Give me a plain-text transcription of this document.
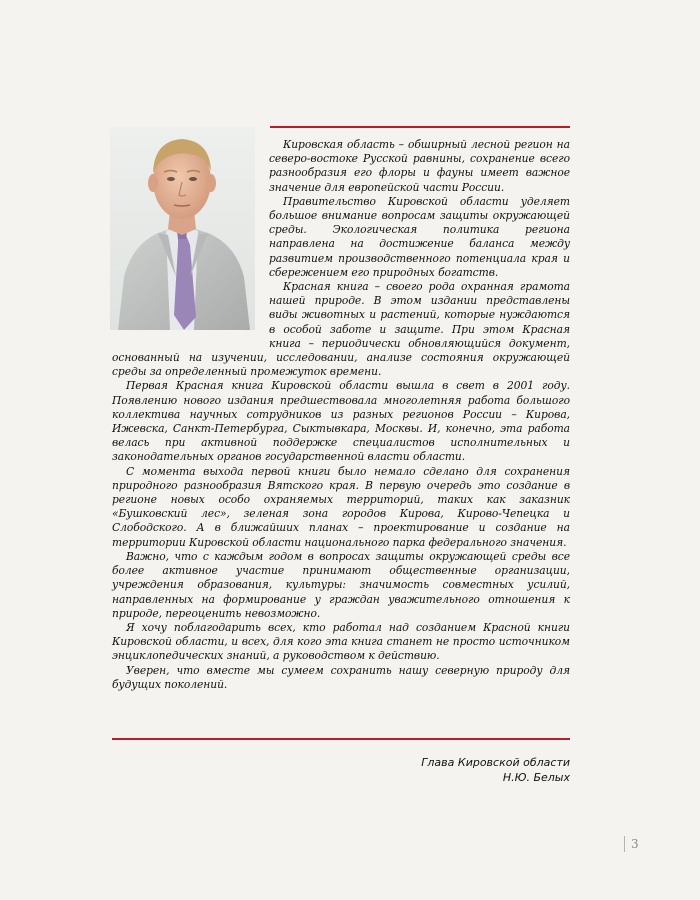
Кировская область – обширный лесной регион на северо-востоке Русской равнины, сохранение всего разнообразия его флоры и фауны имеет важное значение для европейской части России.

Правительство Кировской области уделяет большое внимание вопросам защиты окружающей среды. Экологическая политика региона направлена на достижение баланса между развитием производственного потенциала края и сбережением его природных богатств.

Красная книга – своего рода охранная грамота нашей природе. В этом издании представлены виды животных и растений, которые нуждаются в особой заботе и защите. При этом Красная книга – периодически обновляющийся документ, основанный на изучении, исследовании, анализе состояния окружающей среды за определенный промежуток времени.

Первая Красная книга Кировской области вышла в свет в 2001 году. Появлению нового издания предшествовала многолетняя работа большого коллектива научных сотрудников из разных регионов России – Кирова, Ижевска, Санкт-Петербурга, Сыктывкара, Москвы. И, конечно, эта работа велась при активной поддержке специалистов исполнительных и законодательных органов государственной власти области.

С момента выхода первой книги было немало сделано для сохранения природного разнообразия Вятского края. В первую очередь это создание в регионе новых особо охраняемых территорий, таких как заказник «Бушковский лес», зеленая зона городов Кирова, Кирово-Чепецка и Слободского. А в ближайших планах – проектирование и создание на территории Кировской области национального парка федерального значения.

Важно, что с каждым годом в вопросах защиты окружающей среды все более активное участие принимают общественные организации, учреждения образования, культуры: значимость совместных усилий, направленных на формирование у граждан уважительного отношения к природе, переоценить невозможно.

Я хочу поблагодарить всех, кто работал над созданием Красной книги Кировской области, и всех, для кого эта книга станет не просто источником энциклопедических знаний, а руководством к действию.

Уверен, что вместе мы сумеем сохранить нашу северную природу для будущих поколений.

Глава Кировской области
Н.Ю. Белых
3
